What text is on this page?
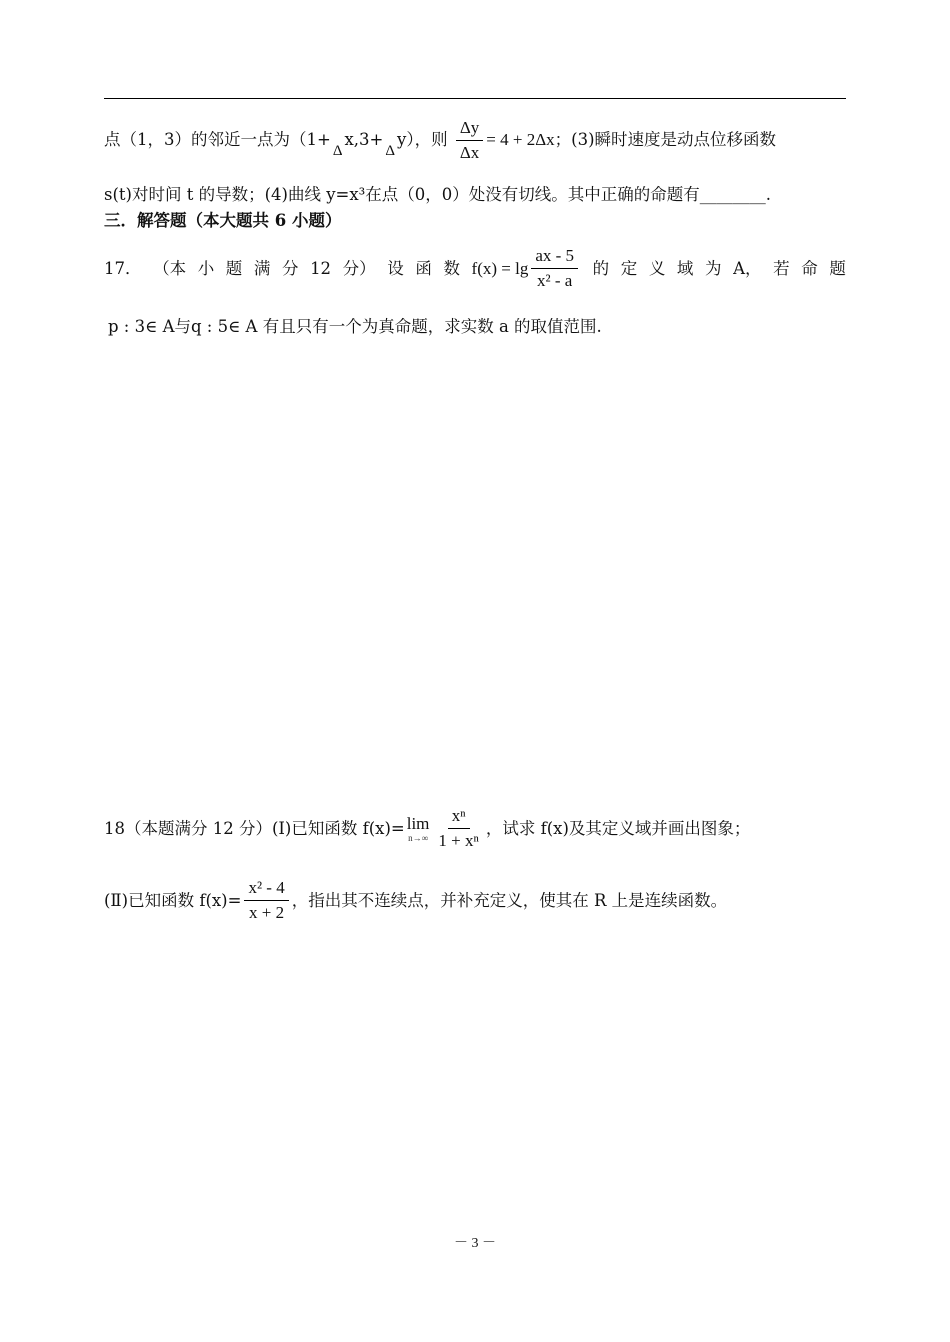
点（1，3）的邻近一点为（1+Δx,3+Δy），则 $\frac{\Delta y}{\Delta x} = 4 + 2\Delta x$；(3)瞬时速度是动点位移函数
s(t)对时间 t 的导数；(4)曲线 y=x³在点（0，0）处没有切线。其中正确的命题有________.
三．解答题（本大题共 6 小题）
17． （本 小 题 满 分 12 分） 设 函 数 $f(x) = \lg \frac{ax - 5}{\text{x² - a}}$ 的 定 义 域 为 A， 若 命 题
p : 3∈ A与q : 5∈ A 有且只有一个为真命题，求实数 a 的取值范围.
18（本题满分 12 分）(Ⅰ)已知函数 f(x)= lim
$n\to\infty \frac{\text{xⁿ}}{\text{1 + xⁿ}}$ ，试求 f(x)及其定义域并画出图象；
(Ⅱ)已知函数 $f(x)= \frac{\text{x² - 4}}{x + 2}$ ，指出其不连续点，并补充定义，使其在 R 上是连续函数。
－ 3 －
